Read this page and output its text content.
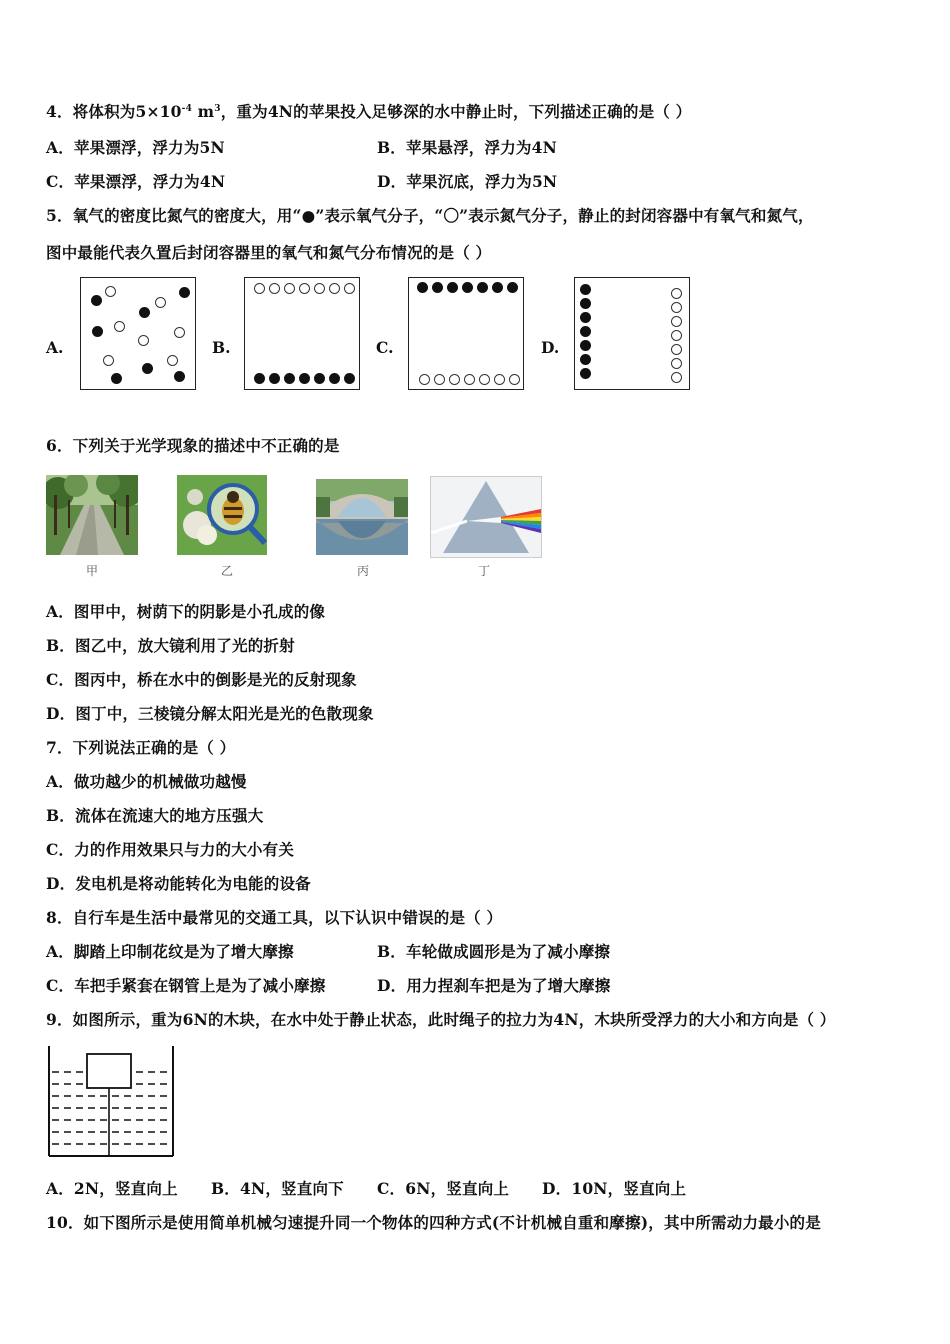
4．将体积为$5\times 10^{-4}$ $m^3$，重为4N的苹果投入足够深的水中静止时，下列描述正确的是（ ）
A．苹果漂浮，浮力为5N	B．苹果悬浮，浮力为4N
C．苹果漂浮，浮力为4N	D．苹果沉底，浮力为5N
5．氧气的密度比氮气的密度大，用“●”表示氧气分子，“〇”表示氮气分子，静止的封闭容器中有氧气和氮气，
图中最能代表久置后封闭容器里的氧气和氮气分布情况的是（ ）
A.	B.	C.	D.
6．下列关于光学现象的描述中不正确的是
甲	乙	丙	丁
A．图甲中，树荫下的阴影是小孔成的像
B．图乙中，放大镜利用了光的折射
C．图丙中，桥在水中的倒影是光的反射现象
D．图丁中，三棱镜分解太阳光是光的色散现象
7．下列说法正确的是（ ）
A．做功越少的机械做功越慢
B．流体在流速大的地方压强大
C．力的作用效果只与力的大小有关
D．发电机是将动能转化为电能的设备
8．自行车是生活中最常见的交通工具，以下认识中错误的是（ ）
A．脚踏上印制花纹是为了增大摩擦	B．车轮做成圆形是为了减小摩擦
C．车把手紧套在钢管上是为了减小摩擦	D．用力捏刹车把是为了增大摩擦
9．如图所示，重为6N的木块，在水中处于静止状态，此时绳子的拉力为4N，木块所受浮力的大小和方向是（ ）
A．2N，竖直向上 B．4N，竖直向下 C．6N，竖直向上 D．10N，竖直向上
10．如下图所示是使用简单机械匀速提升同一个物体的四种方式(不计机械自重和摩擦)，其中所需动力最小的是
